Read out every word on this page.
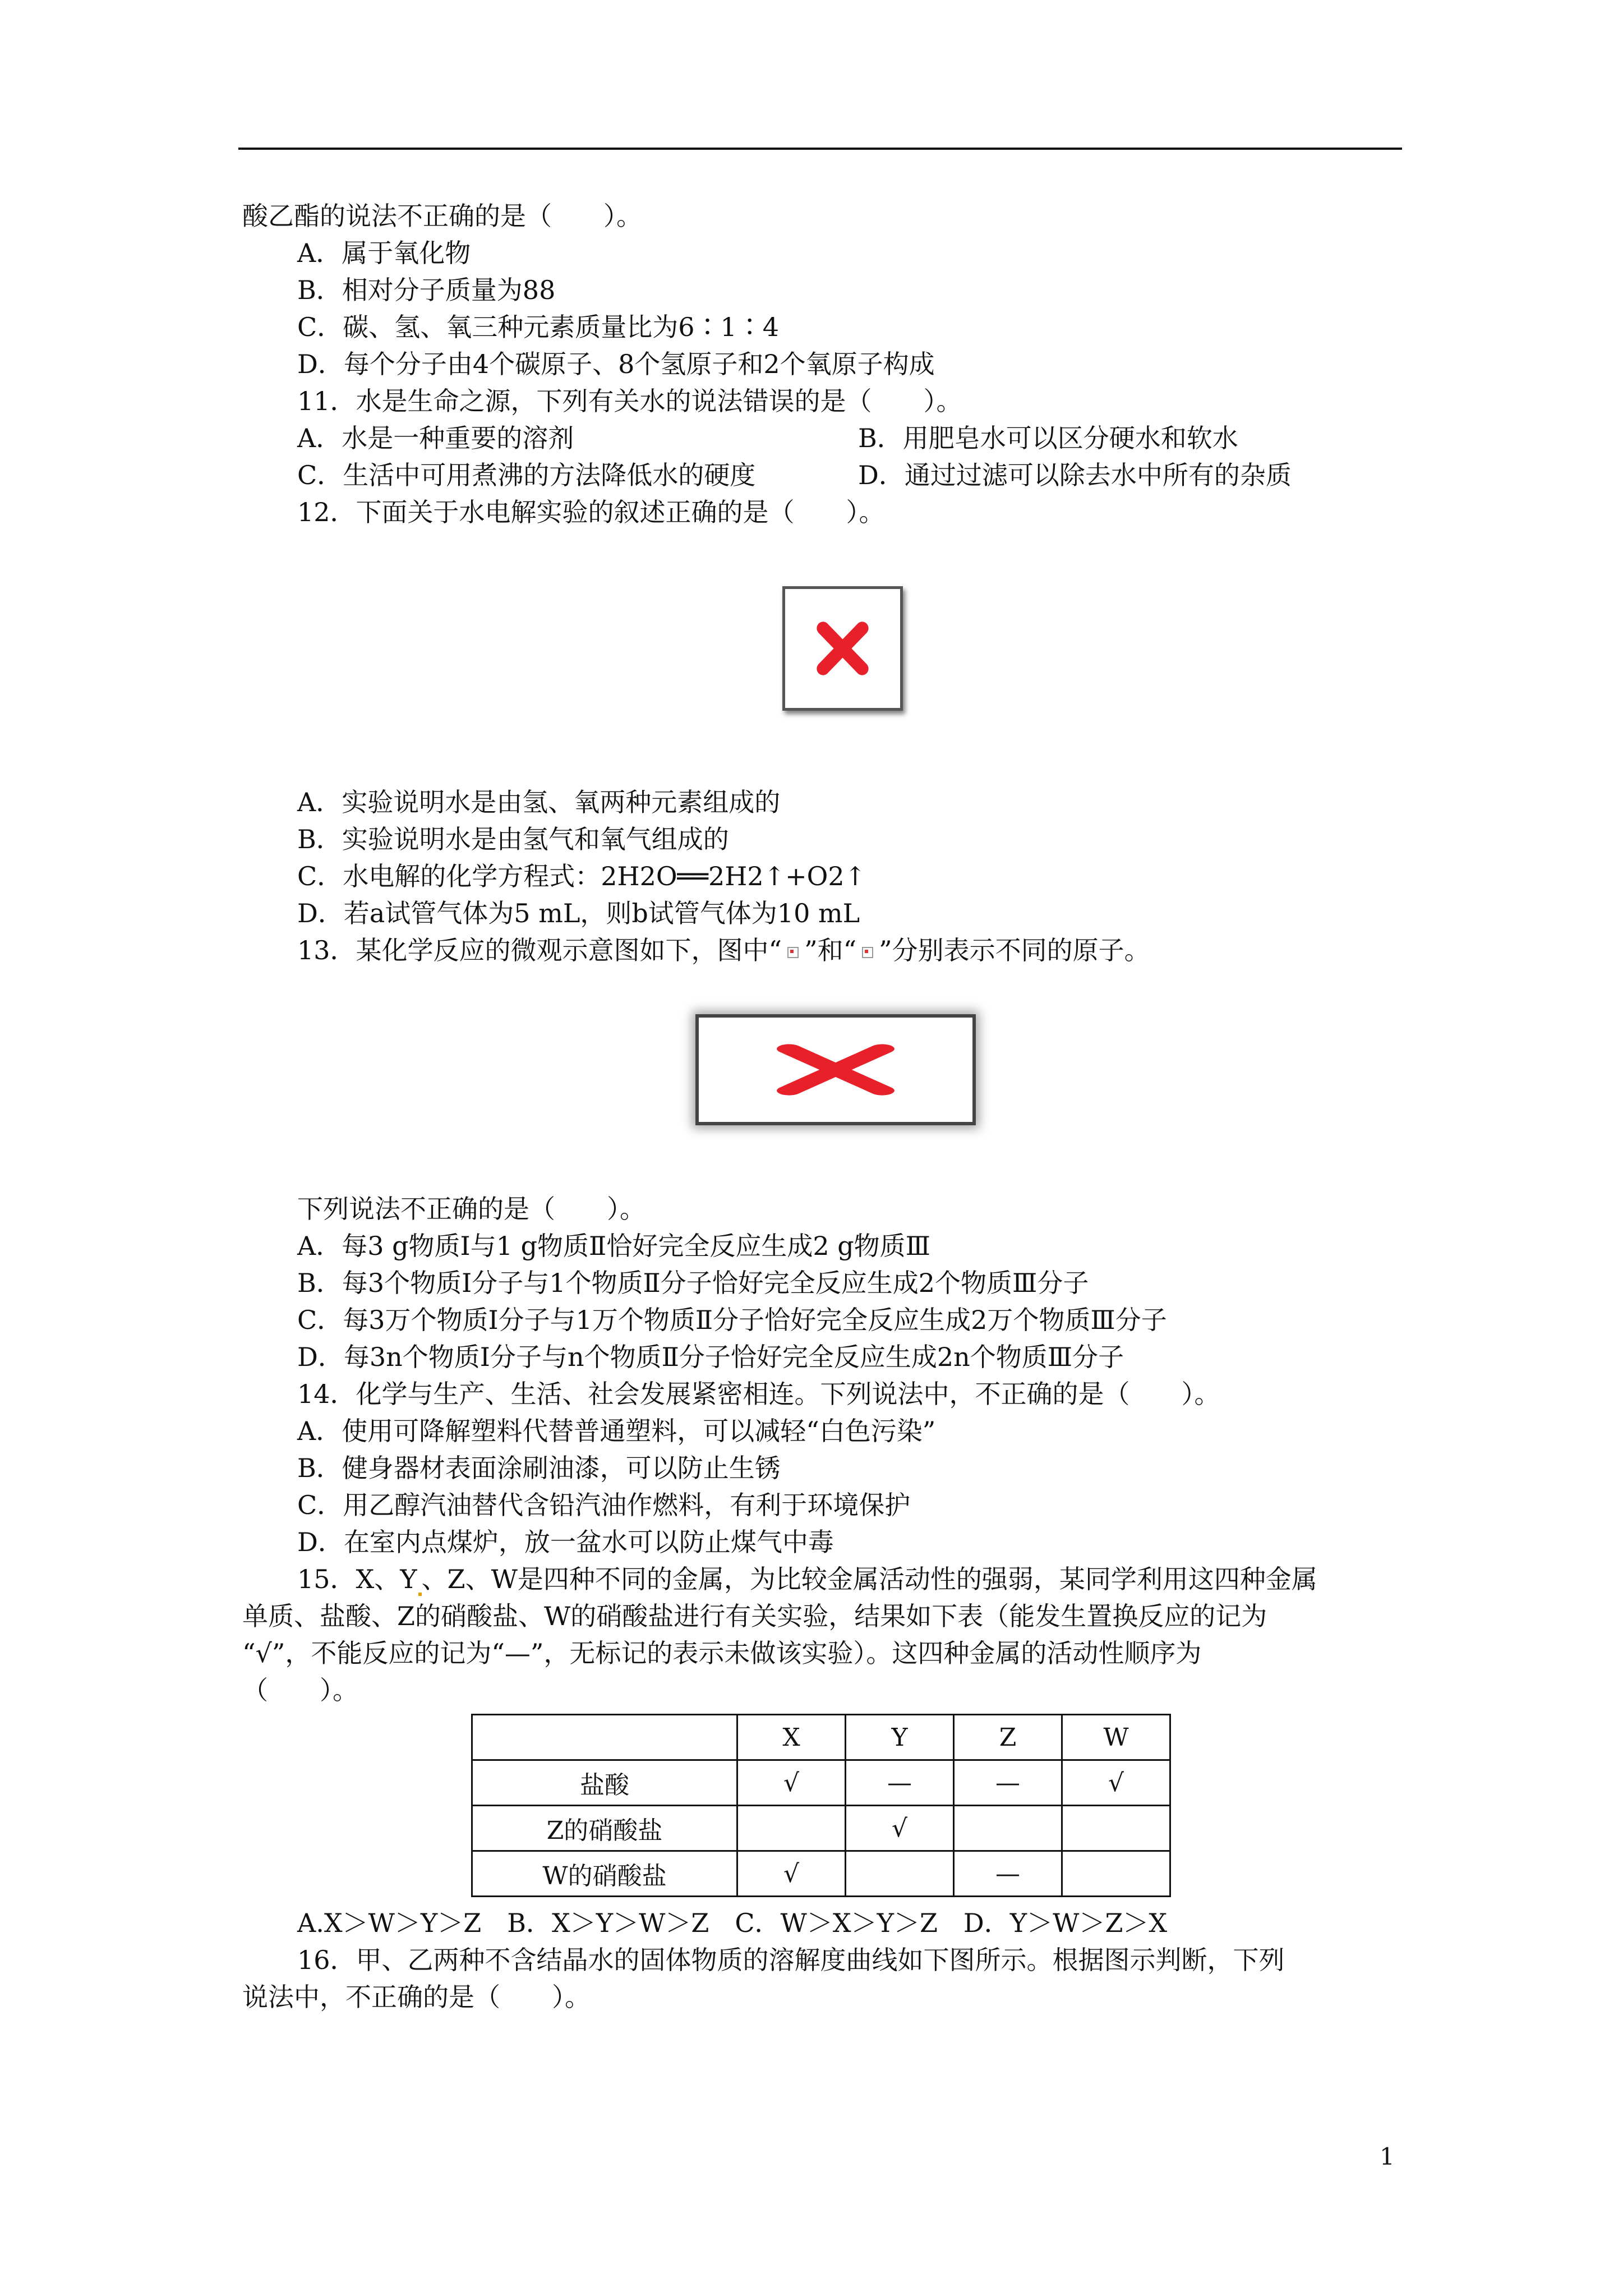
酸乙酯的说法不正确的是（　　）。
A．属于氧化物
B．相对分子质量为88
C．碳、氢、氧三种元素质量比为6∶1∶4
D．每个分子由4个碳原子、8个氢原子和2个氧原子构成
11．水是生命之源，下列有关水的说法错误的是（　　）。
A．水是一种重要的溶剂	B．用肥皂水可以区分硬水和软水
C．生活中可用煮沸的方法降低水的硬度	D．通过过滤可以除去水中所有的杂质
12．下面关于水电解实验的叙述正确的是（　　）。
A．实验说明水是由氢、氧两种元素组成的
B．实验说明水是由氢气和氧气组成的
C．水电解的化学方程式：2H2O══2H2↑+O2↑
D．若a试管气体为5 mL，则b试管气体为10 mL
13．某化学反应的微观示意图如下，图中“ ”和“ ”分别表示不同的原子。
下列说法不正确的是（　　）。
A．每3 g物质Ⅰ与1 g物质Ⅱ恰好完全反应生成2 g物质Ⅲ
B．每3个物质Ⅰ分子与1个物质Ⅱ分子恰好完全反应生成2个物质Ⅲ分子
C．每3万个物质Ⅰ分子与1万个物质Ⅱ分子恰好完全反应生成2万个物质Ⅲ分子
D．每3n个物质Ⅰ分子与n个物质Ⅱ分子恰好完全反应生成2n个物质Ⅲ分子
14．化学与生产、生活、社会发展紧密相连。下列说法中，不正确的是（　　）。
A．使用可降解塑料代替普通塑料，可以减轻“白色污染”
B．健身器材表面涂刷油漆，可以防止生锈
C．用乙醇汽油替代含铅汽油作燃料，有利于环境保护
D．在室内点煤炉，放一盆水可以防止煤气中毒
15．X、Y 、Z、W是四种不同的金属，为比较金属活动性的强弱，某同学利用这四种金属
单质、盐酸、Z的硝酸盐、W的硝酸盐进行有关实验，结果如下表（能发生置换反应的记为
“√”，不能反应的记为“—”，无标记的表示未做该实验）。这四种金属的活动性顺序为
（　　）。
	X	Y	Z	W
盐酸	√	—	—	√
Z的硝酸盐		√		
W的硝酸盐	√		—	
A.X＞W＞Y＞Z　B．X＞Y＞W＞Z　C．W＞X＞Y＞Z　D．Y＞W＞Z＞X
16．甲、乙两种不含结晶水的固体物质的溶解度曲线如下图所示。根据图示判断，下列
说法中，不正确的是（　　）。
1
